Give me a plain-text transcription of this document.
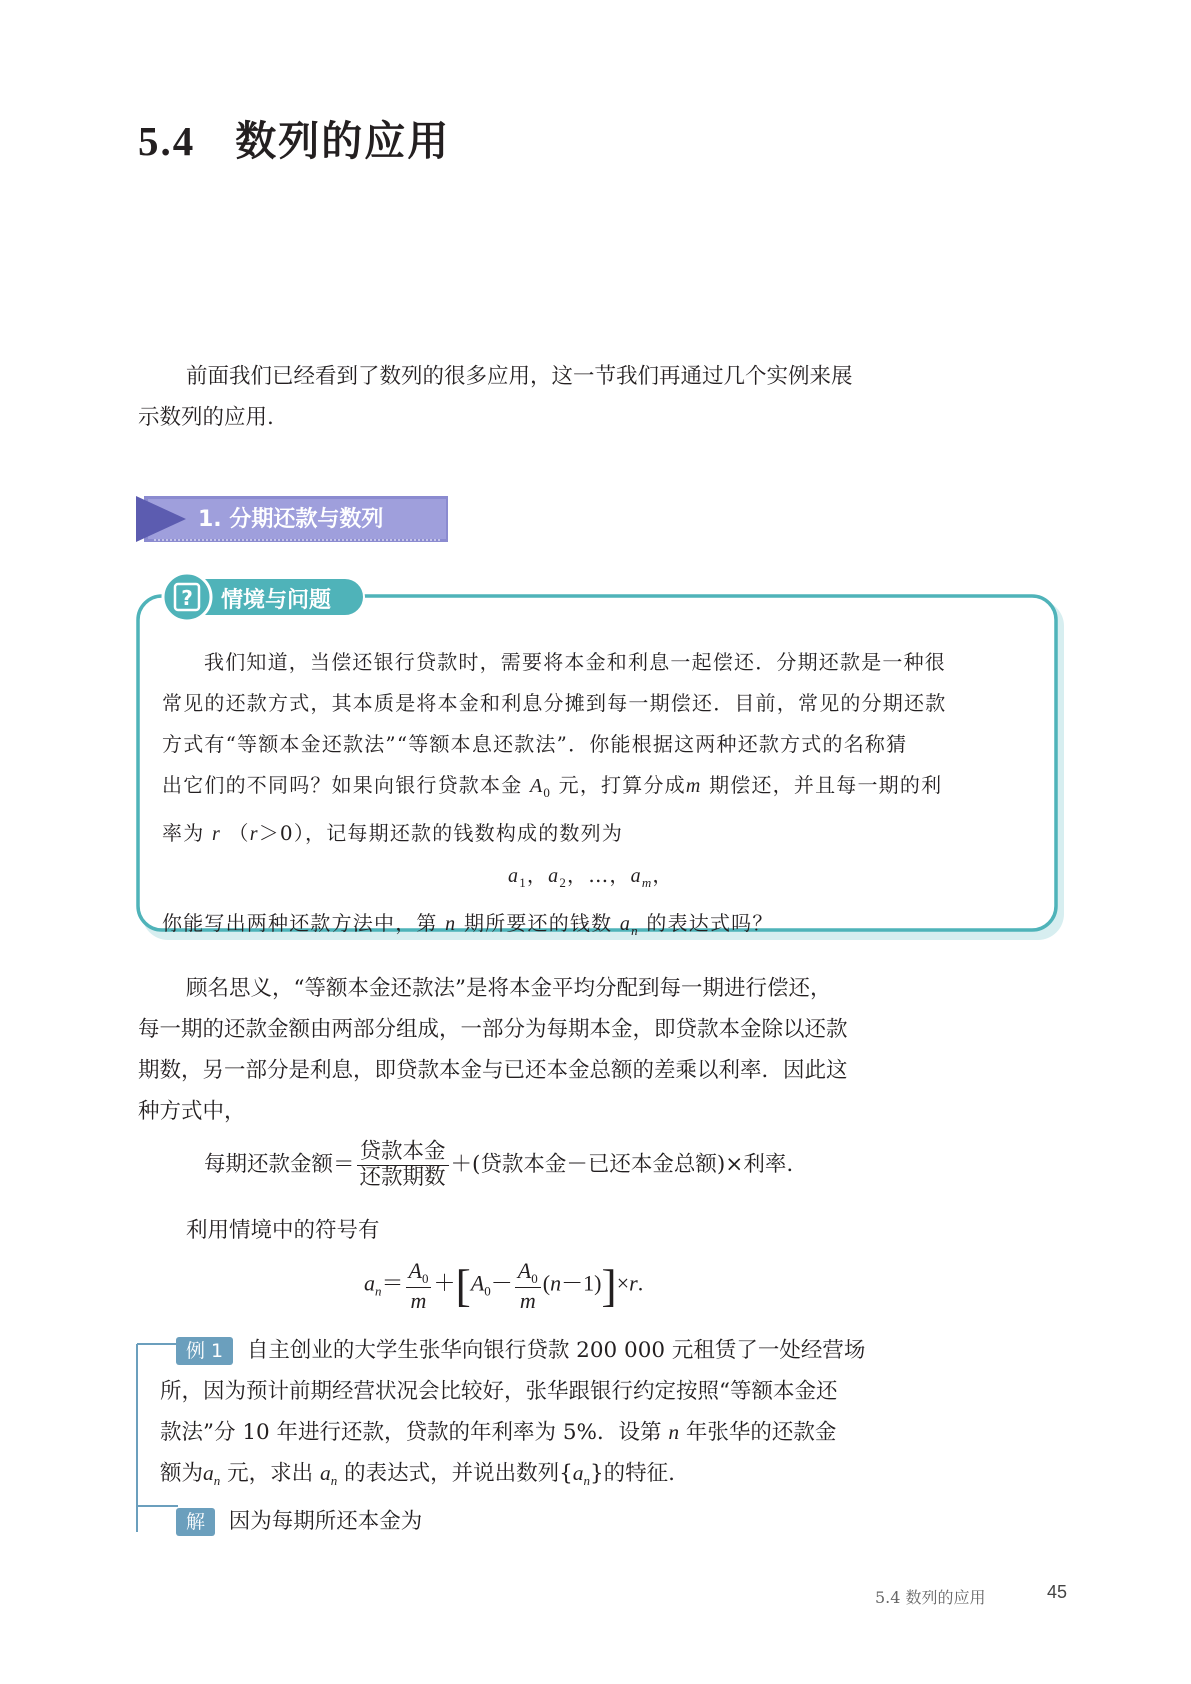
5.4 数列的应用
前面我们已经看到了数列的很多应用，这一节我们再通过几个实例来展
示数列的应用.
1. 分期还款与数列
? 情境与问题
我们知道，当偿还银行贷款时，需要将本金和利息一起偿还．分期还款是一种很
常见的还款方式，其本质是将本金和利息分摊到每一期偿还．目前，常见的分期还款
方式有“等额本金还款法”“等额本息还款法”．你能根据这两种还款方式的名称猜
出它们的不同吗？如果向银行贷款本金 $A_0$ 元，打算分成m 期偿还，并且每一期的利
率为 r （r＞0），记每期还款的钱数构成的数列为
$a_1$，$a_2$，…，$a_m$，
你能写出两种还款方法中，第 n 期所要还的钱数 $a_n$ 的表达式吗？
顾名思义，“等额本金还款法”是将本金平均分配到每一期进行偿还，
每一期的还款金额由两部分组成，一部分为每期本金，即贷款本金除以还款
期数，另一部分是利息，即贷款本金与已还本金总额的差乘以利率．因此这
种方式中，
每期还款金额＝ $\frac{\text{贷款本金}}{\text{还款期数}}$ ＋(贷款本金－已还本金总额)×利率.
利用情境中的符号有
$a_n= \frac{A_0}{m} +[A_0- \frac{A_0}{m} (n-1)]\times r$.
例 1 自主创业的大学生张华向银行贷款 200 000 元租赁了一处经营场
所，因为预计前期经营状况会比较好，张华跟银行约定按照“等额本金还
款法”分 10 年进行还款，贷款的年利率为 5%．设第 n 年张华的还款金
额为$a_n$ 元，求出 $a_n$ 的表达式，并说出数列$\{a_n\}$的特征.
解 因为每期所还本金为
5.4 数列的应用	45
